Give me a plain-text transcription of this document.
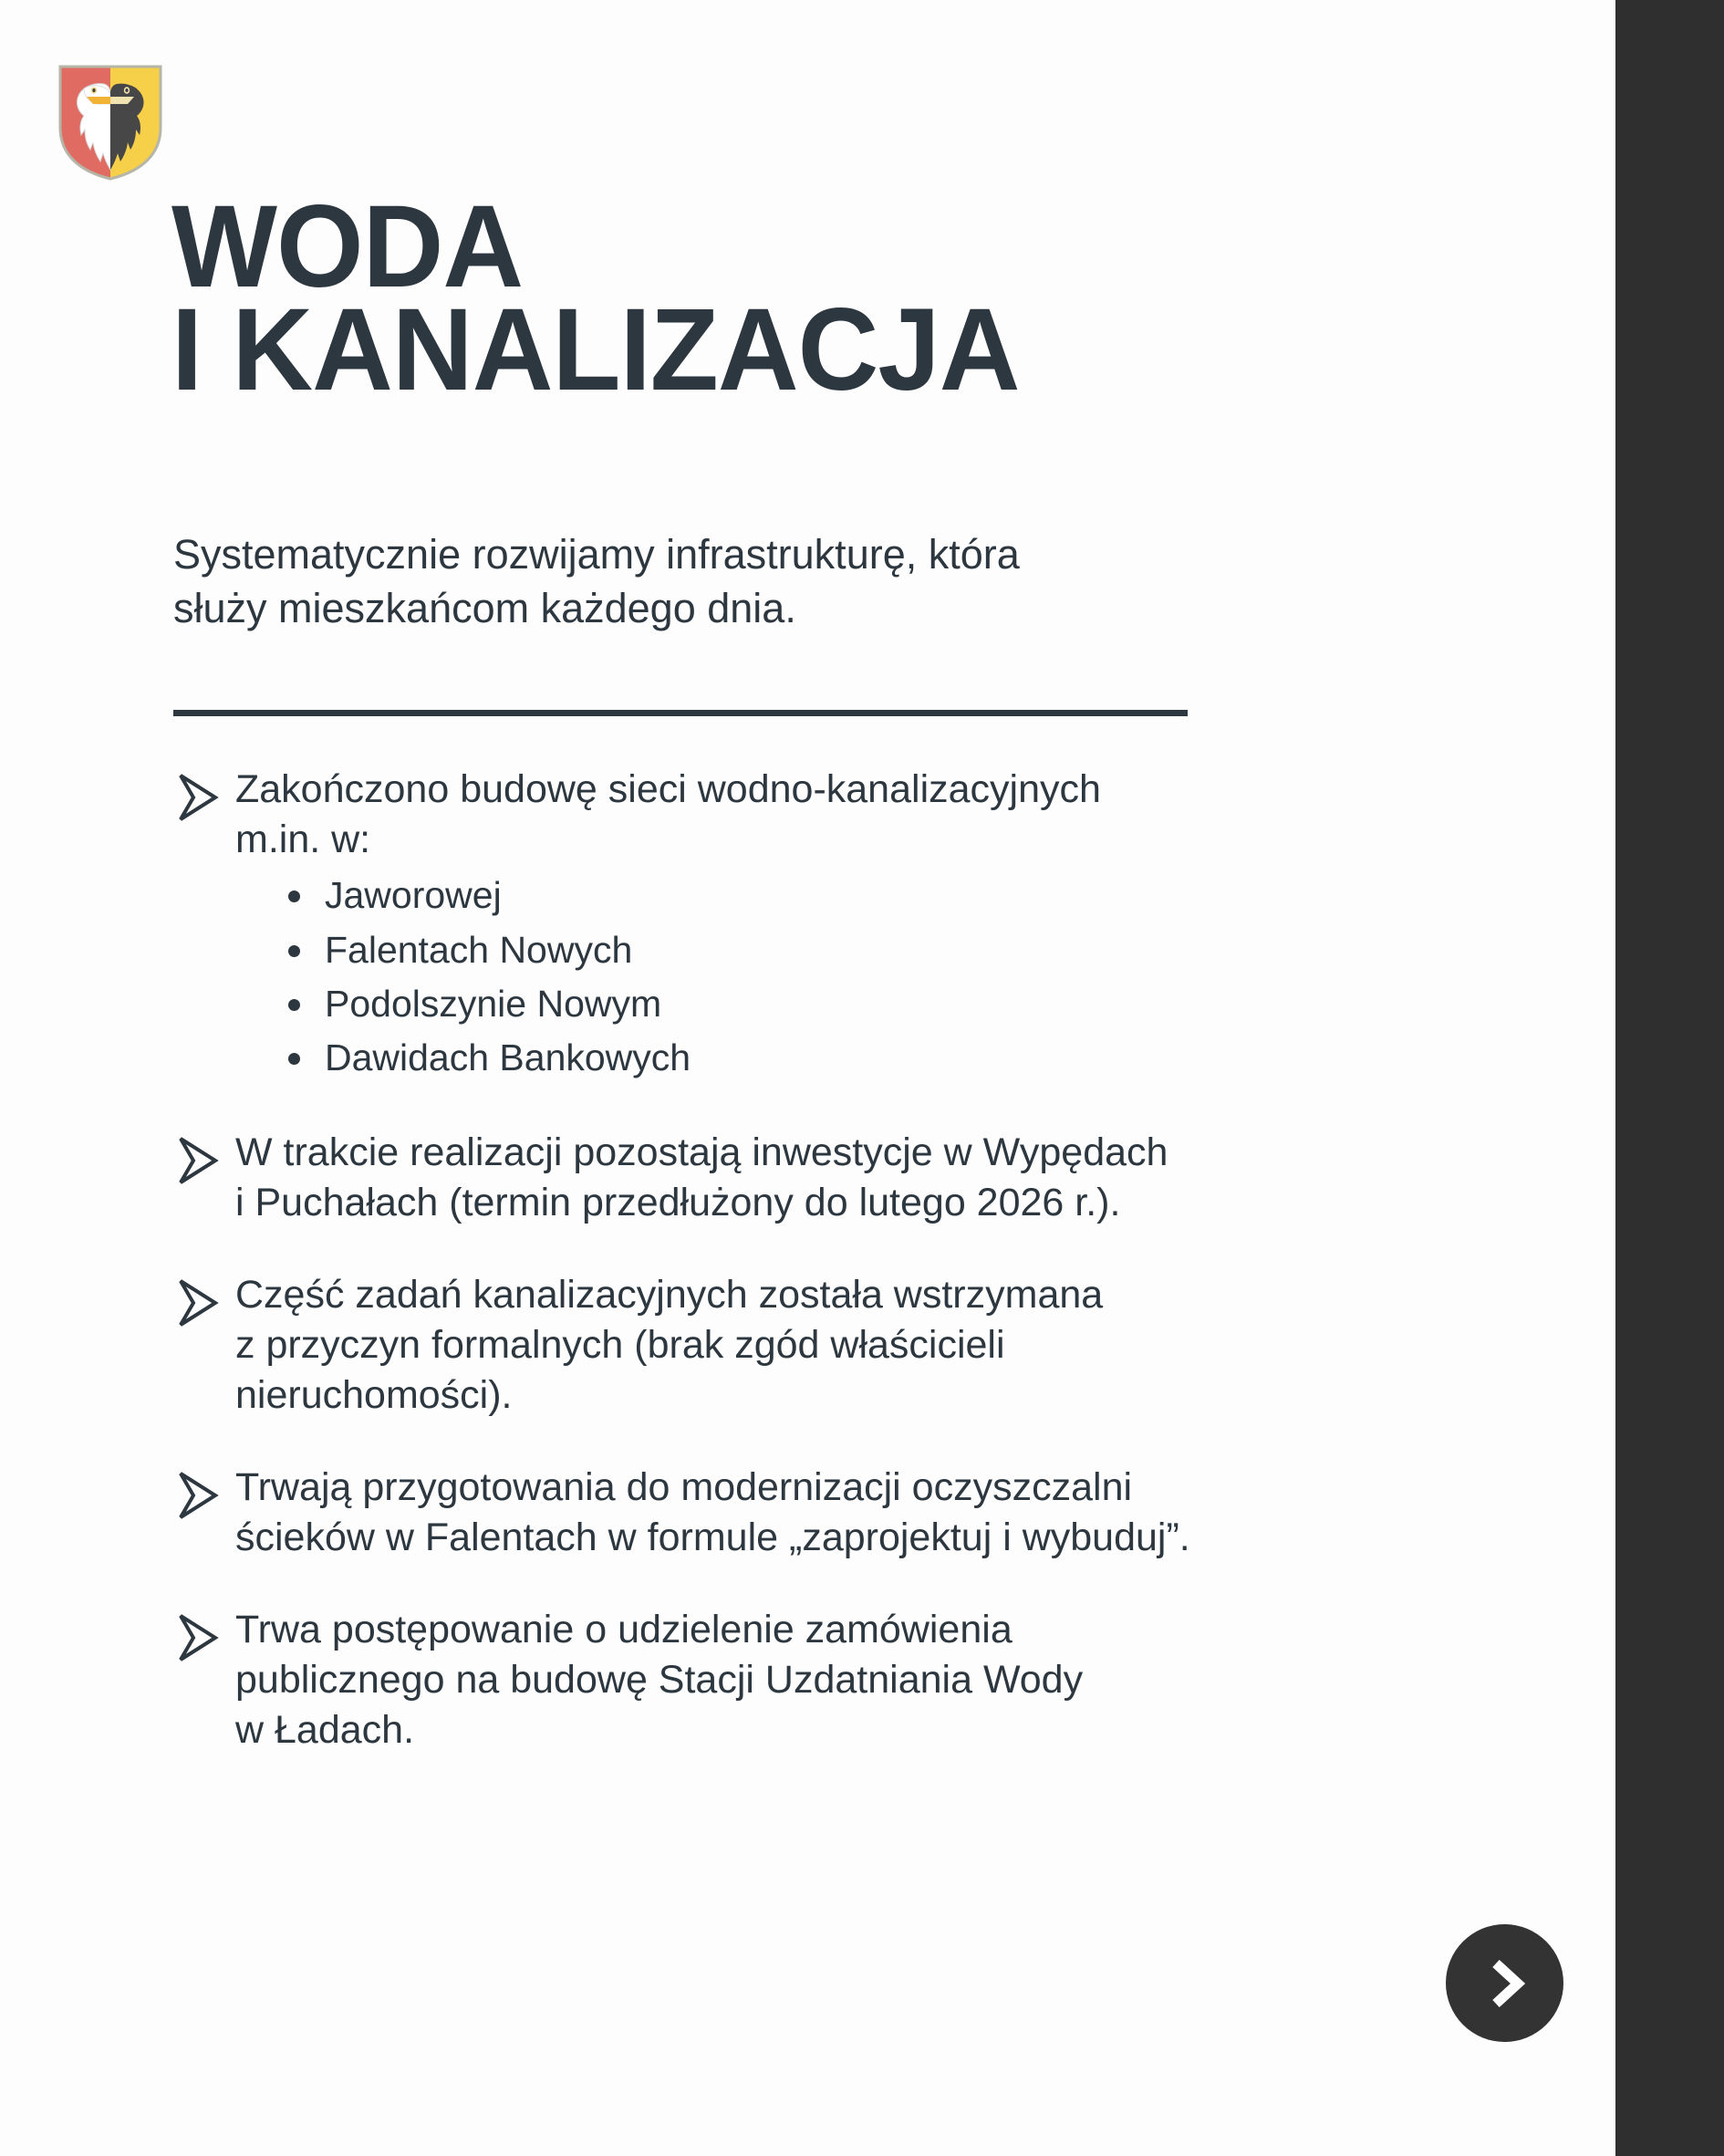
WODA
I KANALIZACJA
Systematycznie rozwijamy infrastrukturę, która
służy mieszkańcom każdego dnia.
Zakończono budowę sieci wodno-kanalizacyjnych
m.in. w:
Jaworowej
Falentach Nowych
Podolszynie Nowym
Dawidach Bankowych
W trakcie realizacji pozostają inwestycje w Wypędach
i Puchałach (termin przedłużony do lutego 2026 r.).
Część zadań kanalizacyjnych została wstrzymana
z przyczyn formalnych (brak zgód właścicieli
nieruchomości).
Trwają przygotowania do modernizacji oczyszczalni
ścieków w Falentach w formule „zaprojektuj i wybuduj”.
Trwa postępowanie o udzielenie zamówienia
publicznego na budowę Stacji Uzdatniania Wody
w Ładach.
